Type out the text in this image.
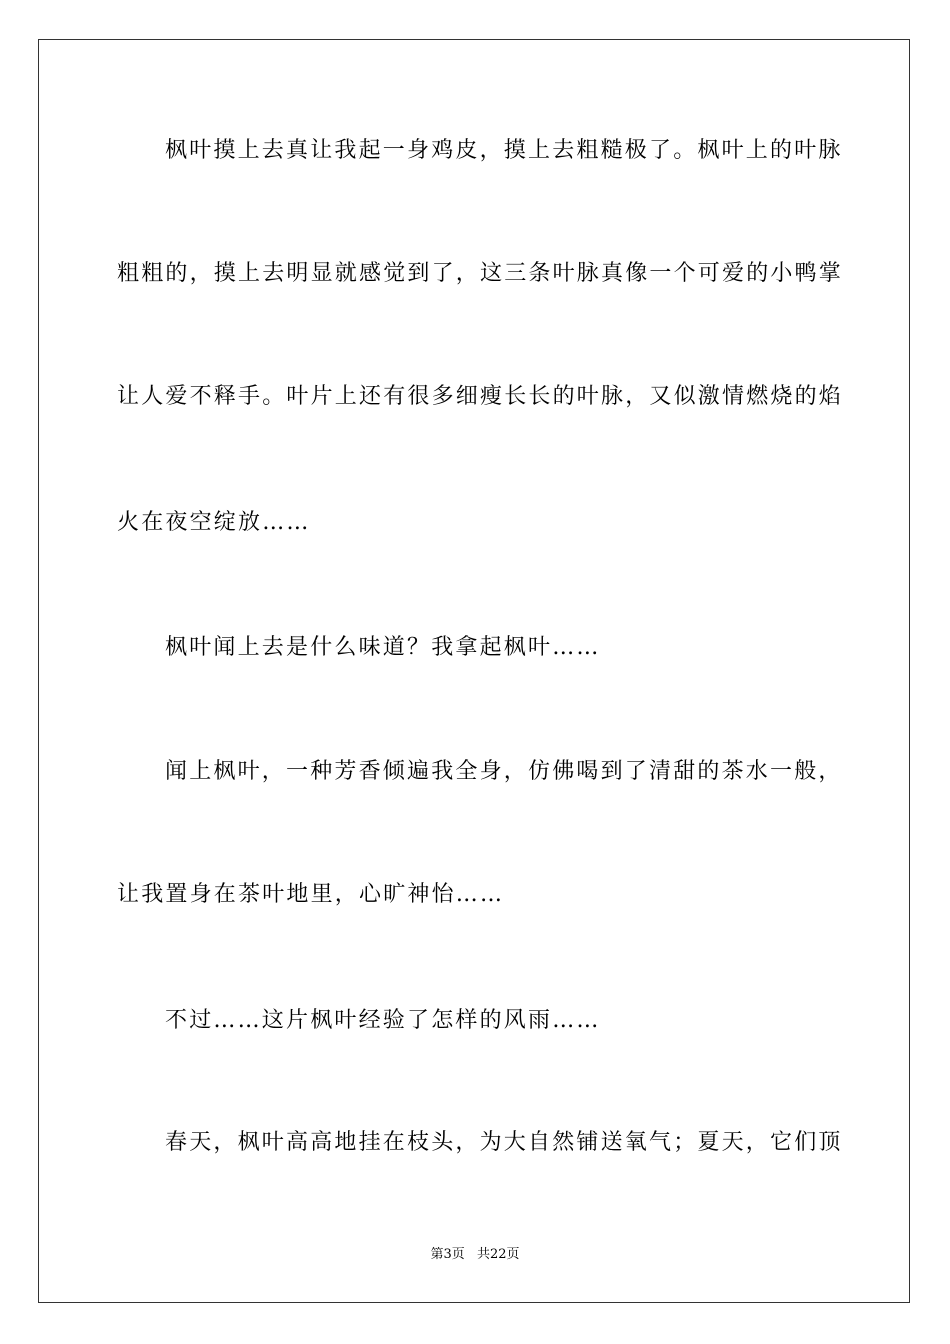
枫叶摸上去真让我起一身鸡皮，摸上去粗糙极了。枫叶上的叶脉
粗粗的，摸上去明显就感觉到了，这三条叶脉真像一个可爱的小鸭掌
让人爱不释手。叶片上还有很多细瘦长长的叶脉，又似激情燃烧的焰
火在夜空绽放……
枫叶闻上去是什么味道？我拿起枫叶……
闻上枫叶，一种芳香倾遍我全身，仿佛喝到了清甜的茶水一般，
让我置身在茶叶地里，心旷神怡……
不过……这片枫叶经验了怎样的风雨……
春天，枫叶高高地挂在枝头，为大自然铺送氧气；夏天，它们顶
第3页 共22页
